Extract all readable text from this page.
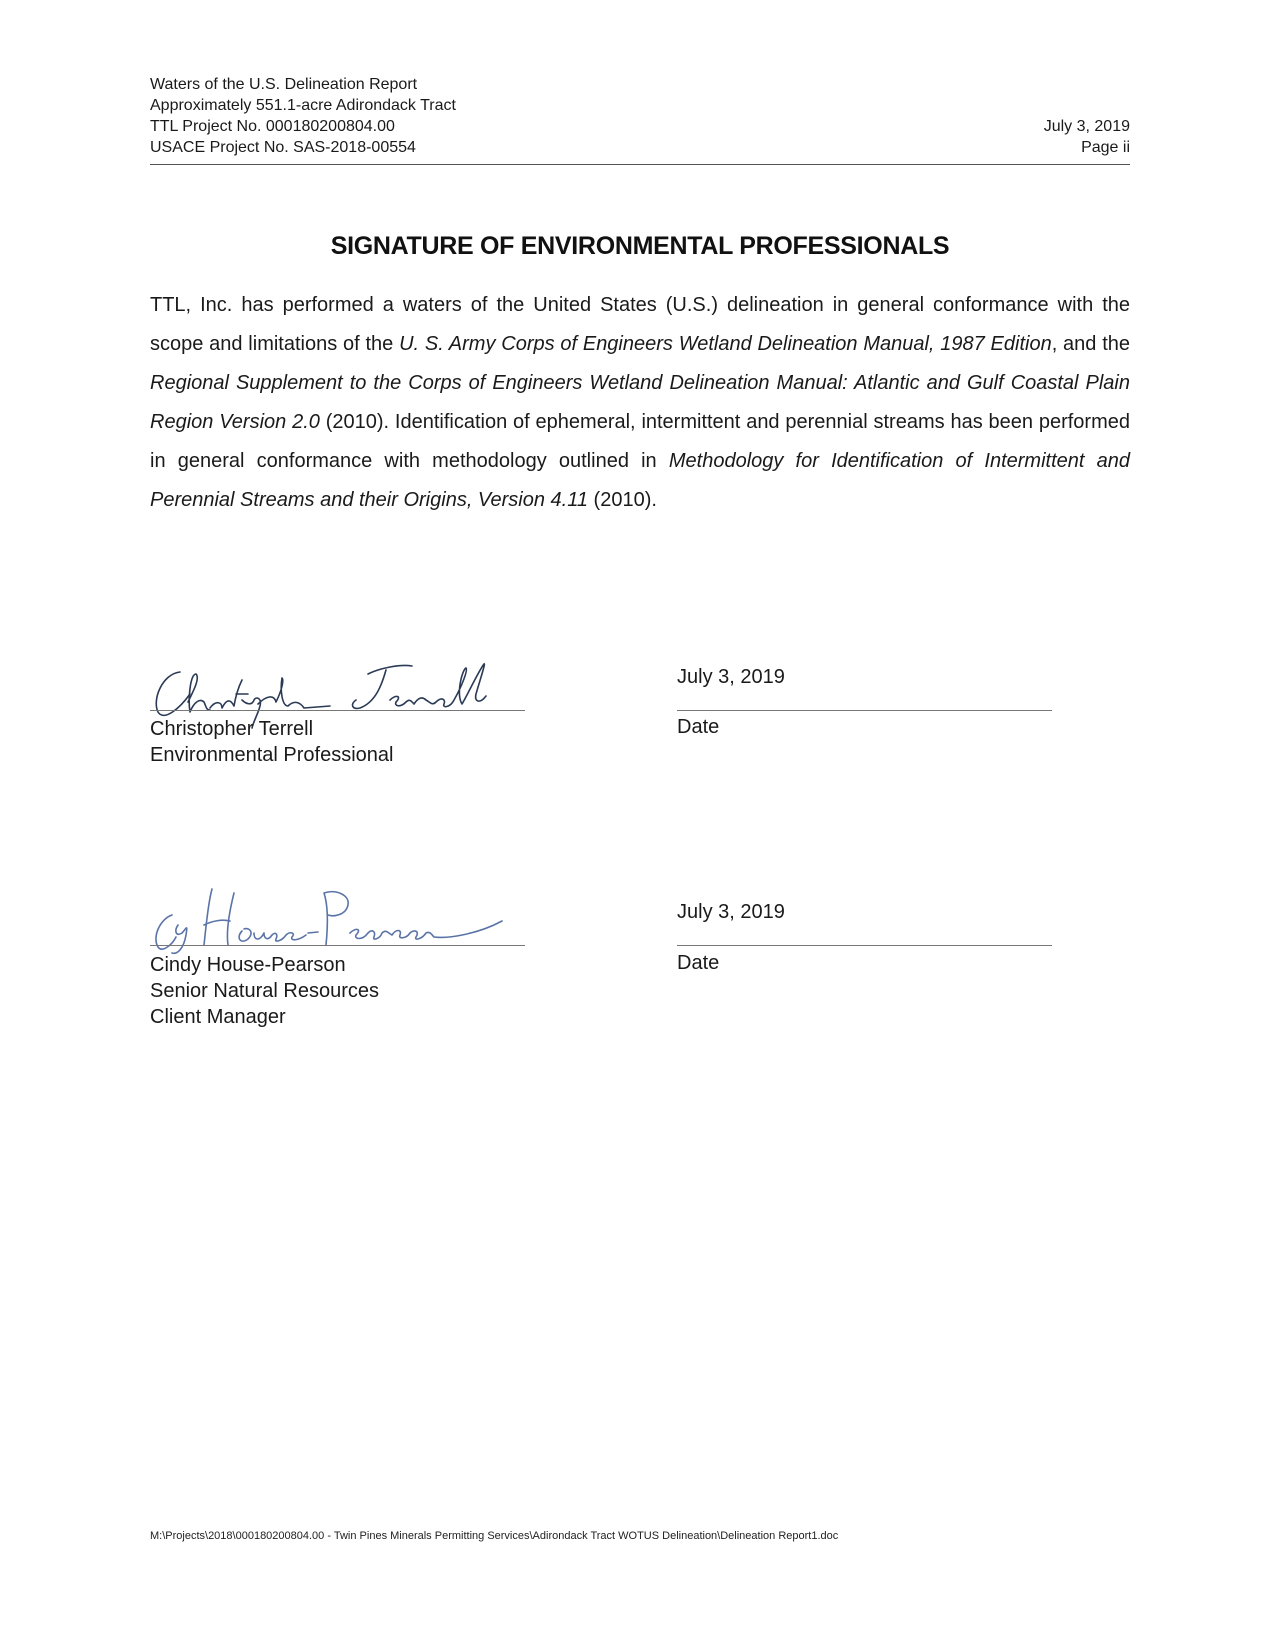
Waters of the U.S. Delineation Report
Approximately 551.1-acre Adirondack Tract
TTL Project No. 000180200804.00
USACE Project No. SAS-2018-00554
July 3, 2019
Page ii
SIGNATURE OF ENVIRONMENTAL PROFESSIONALS
TTL, Inc. has performed a waters of the United States (U.S.) delineation in general conformance with the scope and limitations of the U. S. Army Corps of Engineers Wetland Delineation Manual, 1987 Edition, and the Regional Supplement to the Corps of Engineers Wetland Delineation Manual: Atlantic and Gulf Coastal Plain Region Version 2.0 (2010). Identification of ephemeral, intermittent and perennial streams has been performed in general conformance with methodology outlined in Methodology for Identification of Intermittent and Perennial Streams and their Origins, Version 4.11 (2010).
Christopher Terrell
Environmental Professional
July 3, 2019
Date
Cindy House-Pearson
Senior Natural Resources
Client Manager
July 3, 2019
Date
M:\Projects\2018\000180200804.00 - Twin Pines Minerals Permitting Services\Adirondack Tract WOTUS Delineation\Delineation Report1.doc
